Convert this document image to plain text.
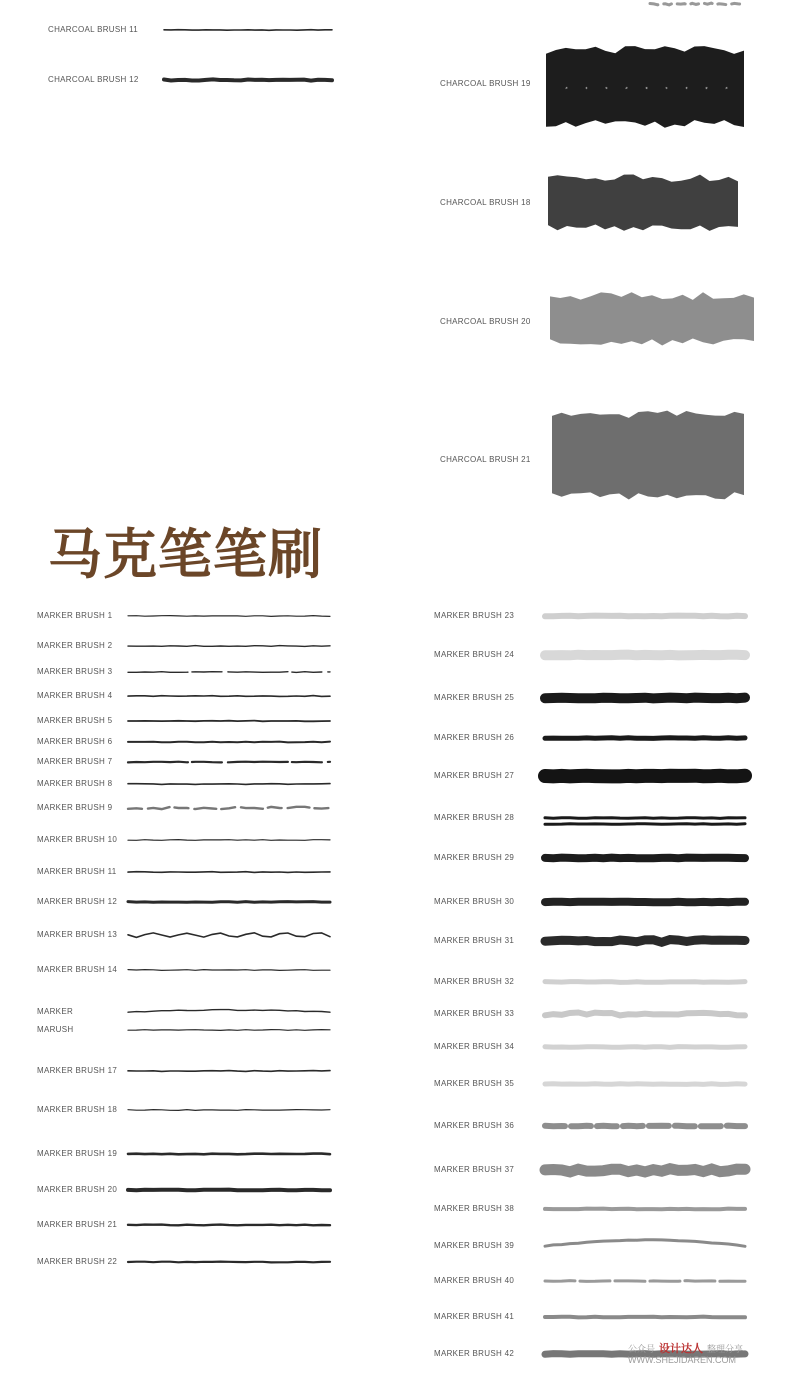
CHARCOAL BRUSH 11
CHARCOAL BRUSH 12	CHARCOAL BRUSH 19
CHARCOAL BRUSH 18
CHARCOAL BRUSH 20
CHARCOAL BRUSH 21
MARKER BRUSH 1
MARKER BRUSH 2
MARKER BRUSH 3
MARKER BRUSH 4
MARKER BRUSH 5
MARKER BRUSH 6
MARKER BRUSH 7
MARKER BRUSH 8
MARKER BRUSH 9
MARKER BRUSH 10
MARKER BRUSH 11
MARKER BRUSH 12
MARKER BRUSH 13
MARKER BRUSH 14
MARKER
MARUSH
MARKER BRUSH 17
MARKER BRUSH 18
MARKER BRUSH 19
MARKER BRUSH 20
MARKER BRUSH 21
MARKER BRUSH 22
MARKER BRUSH 23
MARKER BRUSH 24
MARKER BRUSH 25
MARKER BRUSH 26
MARKER BRUSH 27
MARKER BRUSH 28
MARKER BRUSH 29
MARKER BRUSH 30
MARKER BRUSH 31
MARKER BRUSH 32
MARKER BRUSH 33
MARKER BRUSH 34
MARKER BRUSH 35
MARKER BRUSH 36
MARKER BRUSH 37
MARKER BRUSH 38
MARKER BRUSH 39
MARKER BRUSH 40
MARKER BRUSH 41
MARKER BRUSH 42
马克笔笔刷
公众号 设计达人 整理分享
WWW.SHEJIDAREN.COM
